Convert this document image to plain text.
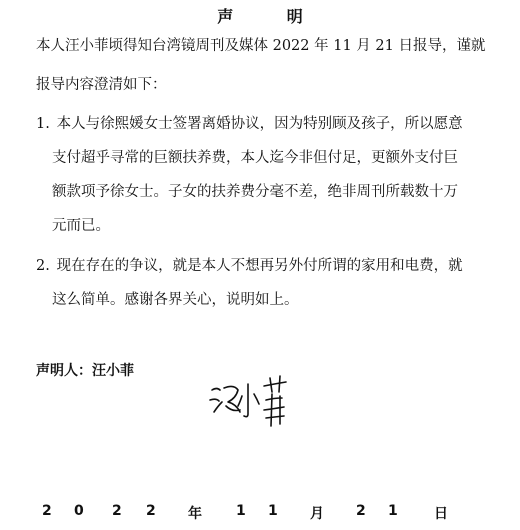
声 明
本人汪小菲顷得知台湾镜周刊及媒体 2022 年 11 月 21 日报导，谨就
报导内容澄清如下：
1. 本人与徐熙媛女士签署离婚协议，因为特别顾及孩子，所以愿意
支付超乎寻常的巨额扶养费，本人迄今非但付足，更额外支付巨
额款项予徐女士。子女的扶养费分毫不差，绝非周刊所载数十万
元而已。
2. 现在存在的争议，就是本人不想再另外付所谓的家用和电费，就
这么简单。感谢各界关心，说明如上。
声明人：汪小菲
2 0 2 2 年 1 1 月 2 1	日
